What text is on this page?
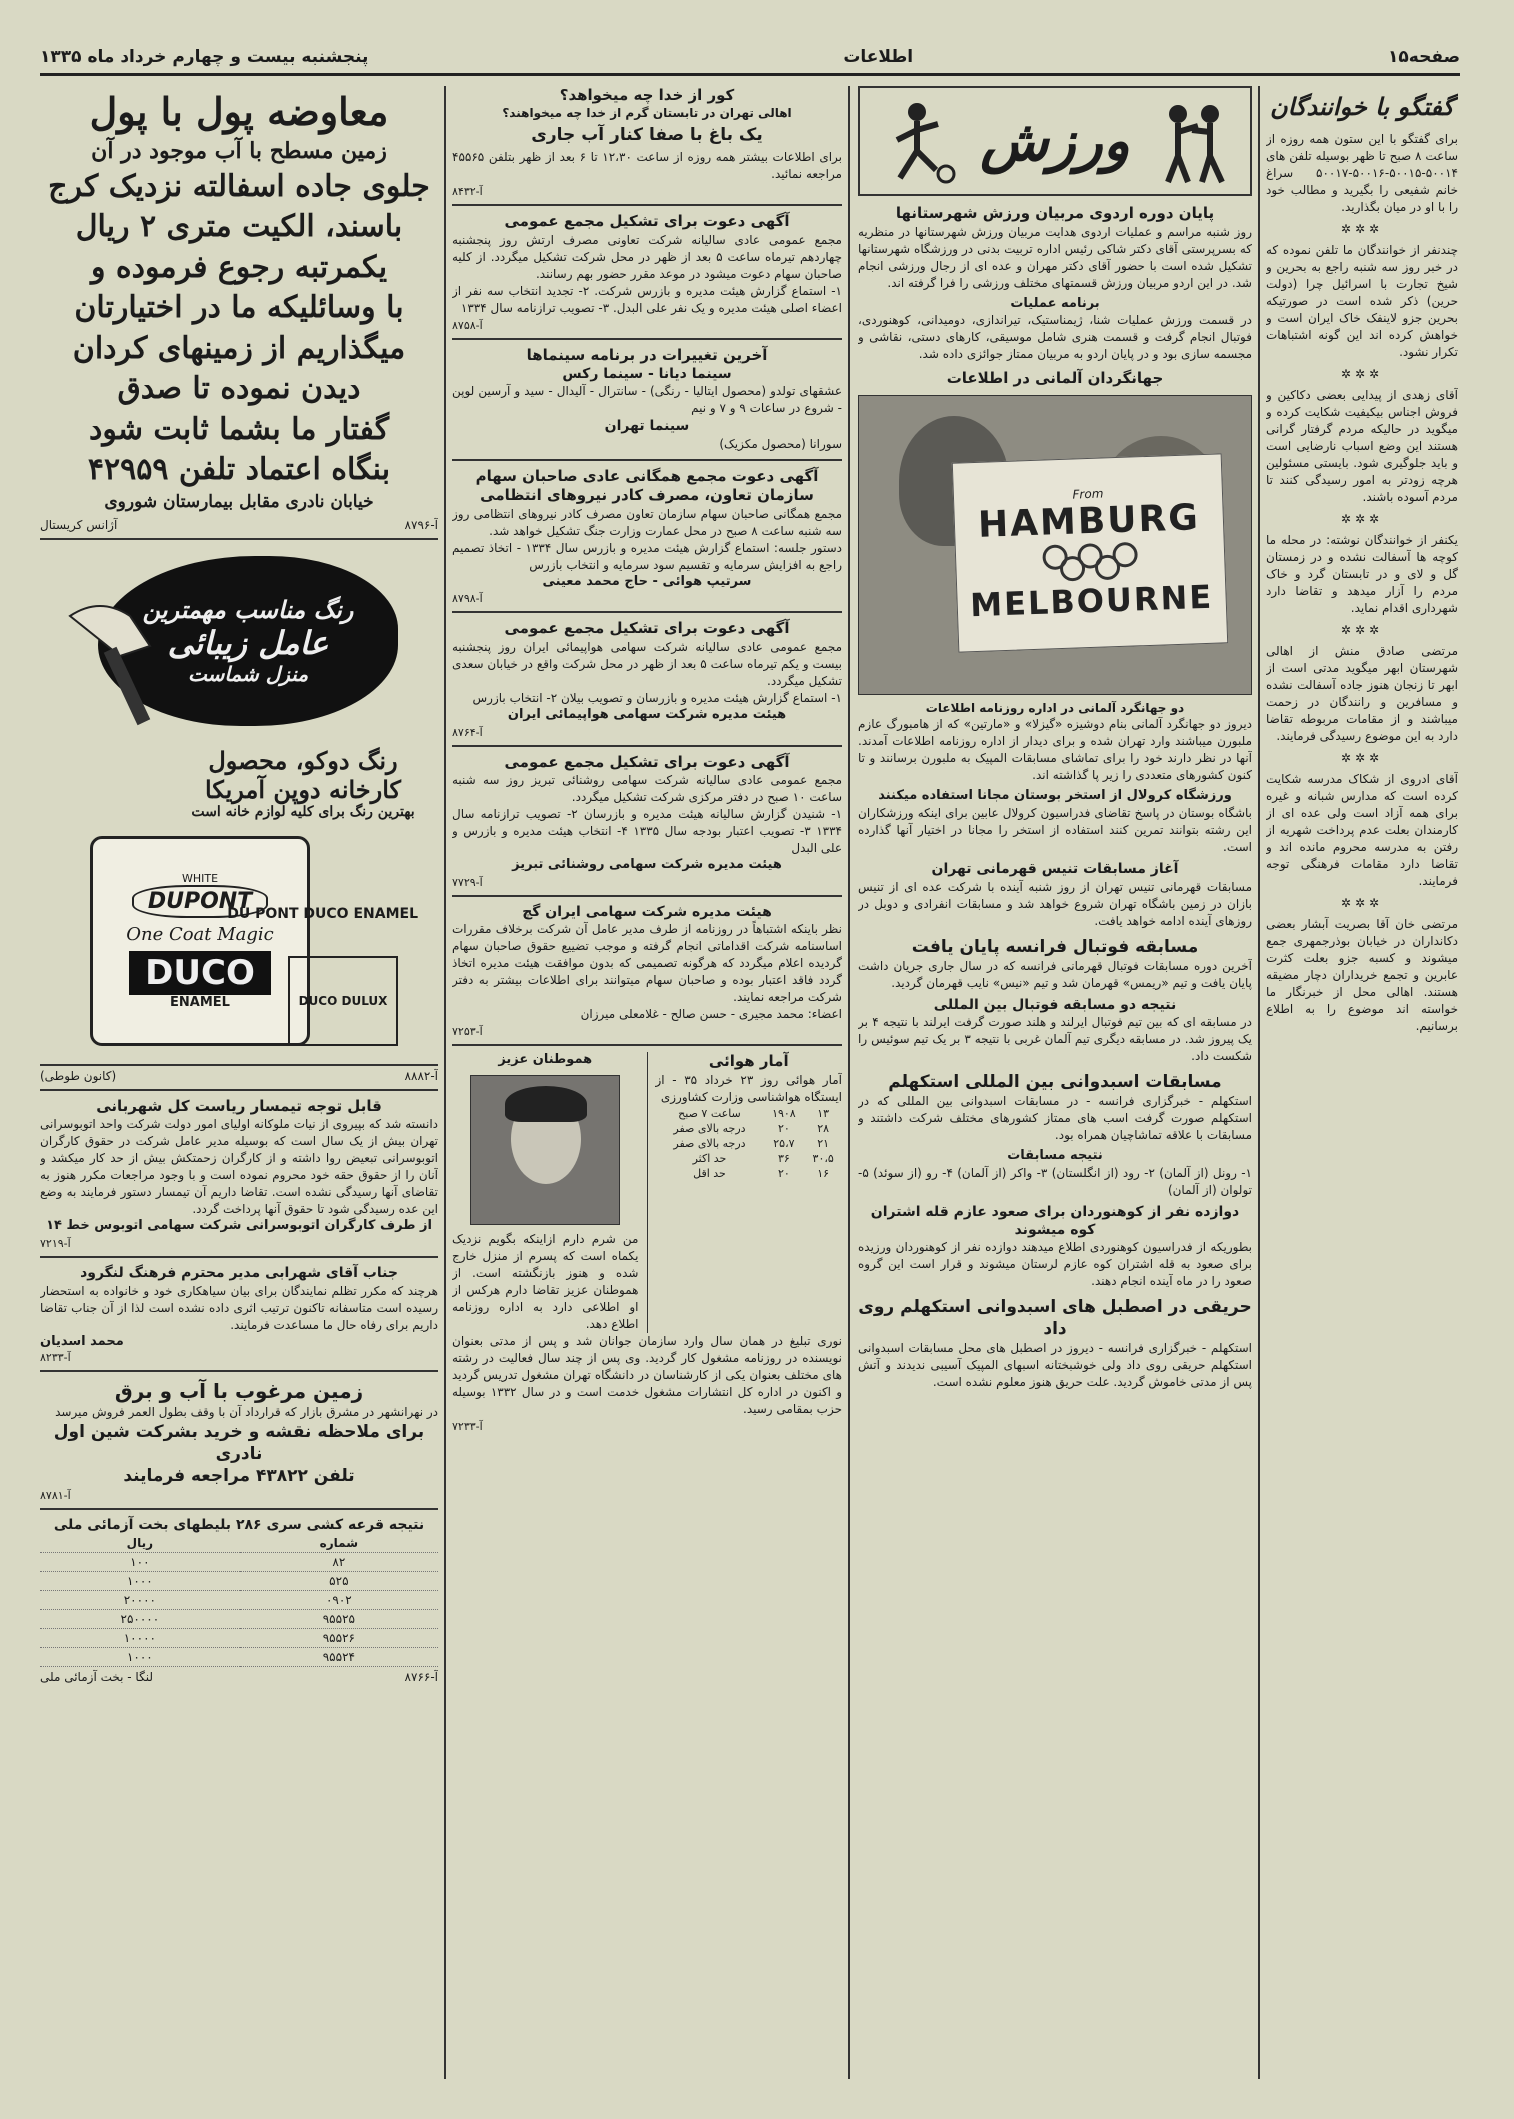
صفحه۱۵
اطلاعات
پنجشنبه بیست و چهارم خرداد ماه ۱۳۳۵
گفتگو با خوانندگان

برای گفتگو با این ستون همه روزه از ساعت ۸ صبح تا ظهر بوسیله تلفن های ۵۰۰۱۴-۵۰۰۱۵-۵۰۰۱۶-۵۰۰۱۷ سراغ خانم شفیعی را بگیرید و مطالب خود را با او در میان بگذارید.

✲✲✲

چندنفر از خوانندگان ما تلفن نموده که در خبر روز سه شنبه راجع به بحرین و شیخ تجارت با اسرائیل چرا (دولت حرین) ذکر شده است در صورتیکه بحرین جزو لاینفک خاک ایران است و خواهش کرده اند این گونه اشتباهات تکرار نشود.

✲✲✲

آقای زهدی از پیدایی بعضی دکاکین و فروش اجناس بیکیفیت شکایت کرده و میگوید در حالیکه مردم گرفتار گرانی هستند این وضع اسباب نارضایی است و باید جلوگیری شود. بایستی مسئولین هرچه زودتر به امور رسیدگی کنند تا مردم آسوده باشند.

✲✲✲

یکنفر از خوانندگان نوشته: در محله ما کوچه ها آسفالت نشده و در زمستان گل و لای و در تابستان گرد و خاک مردم را آزار میدهد و تقاضا دارد شهرداری اقدام نماید.

✲✲✲

مرتضی صادق منش از اهالی شهرستان ابهر میگوید مدتی است از ابهر تا زنجان هنوز جاده آسفالت نشده و مسافرین و رانندگان در زحمت میباشند و از مقامات مربوطه تقاضا دارد به این موضوع رسیدگی فرمایند.

✲✲✲

آقای ادروی از شکاک مدرسه شکایت کرده است که مدارس شبانه و غیره برای همه آزاد است ولی عده ای از کارمندان بعلت عدم پرداخت شهریه از رفتن به مدرسه محروم مانده اند و تقاضا دارد مقامات فرهنگی توجه فرمایند.

✲✲✲

مرتضی خان آقا بصریت آبشار بعضی دکانداران در خیابان بوذرجمهری جمع میشوند و کسبه جزو بعلت کثرت عابرین و تجمع خریداران دچار مضیقه هستند. اهالی محل از خبرنگار ما خواسته اند موضوع را به اطلاع برسانیم.

ورزش
پایان دوره اردوی مربیان ورزش شهرستانها

روز شنبه مراسم و عملیات اردوی هدایت مربیان ورزش شهرستانها در منظریه که بسرپرستی آقای دکتر شاکی رئیس اداره تربیت بدنی در ورزشگاه شهرستانها تشکیل شده است با حضور آقای دکتر مهران و عده ای از رجال ورزشی انجام شد. در این اردو مربیان ورزش قسمتهای مختلف ورزشی را فرا گرفته اند.

برنامه عملیات

در قسمت ورزش عملیات شنا، ژیمناستیک، تیراندازی، دومیدانی، کوهنوردی، فوتبال انجام گرفت و قسمت هنری شامل موسیقی، کارهای دستی، نقاشی و مجسمه سازی بود و در پایان اردو به مربیان ممتاز جوائزی داده شد.

جهانگردان آلمانی در اطلاعات
From
HAMBURG
MELBOURNE
دو جهانگرد آلمانی در اداره روزنامه اطلاعات

دیروز دو جهانگرد آلمانی بنام دوشیزه «گیزلا» و «مارتین» که از هامبورگ عازم ملبورن میباشند وارد تهران شده و برای دیدار از اداره روزنامه اطلاعات آمدند. آنها در نظر دارند خود را برای تماشای مسابقات المپیک به ملبورن برسانند و تا کنون کشورهای متعددی را زیر پا گذاشته اند.

ورزشگاه کرولال از استخر بوستان مجانا استفاده میکنند

باشگاه بوستان در پاسخ تقاضای فدراسیون کرولال عابین برای اینکه ورزشکاران این رشته بتوانند تمرین کنند استفاده از استخر را مجانا در اختیار آنها گذارده است.

آغاز مسابقات تنیس قهرمانی تهران

مسابقات قهرمانی تنیس تهران از روز شنبه آینده با شرکت عده ای از تنیس بازان در زمین باشگاه تهران شروع خواهد شد و مسابقات انفرادی و دوبل در روزهای آینده ادامه خواهد یافت.

مسابقه فوتبال فرانسه پایان یافت

آخرین دوره مسابقات فوتبال قهرمانی فرانسه که در سال جاری جریان داشت پایان یافت و تیم «ریمس» قهرمان شد و تیم «نیس» نایب قهرمان گردید.

نتیجه دو مسابقه فوتبال بین المللی

در مسابقه ای که بین تیم فوتبال ایرلند و هلند صورت گرفت ایرلند با نتیجه ۴ بر یک پیروز شد. در مسابقه دیگری تیم آلمان غربی با نتیجه ۳ بر یک تیم سوئیس را شکست داد.

مسابقات اسبدوانی بین المللی استکهلم

استکهلم - خبرگزاری فرانسه - در مسابقات اسبدوانی بین المللی که در استکهلم صورت گرفت اسب های ممتاز کشورهای مختلف شرکت داشتند و مسابقات با علاقه تماشاچیان همراه بود.

نتیجه مسابقات

۱- رونل (از آلمان) ۲- رود (از انگلستان) ۳- واکر (از آلمان) ۴- رو (از سوئد) ۵- تولوان (از آلمان)

دوازده نفر از کوهنوردان برای صعود عازم قله اشتران کوه میشوند

بطوریکه از فدراسیون کوهنوردی اطلاع میدهند دوازده نفر از کوهنوردان ورزیده برای صعود به قله اشتران کوه عازم لرستان میشوند و قرار است این گروه صعود را در ماه آینده انجام دهند.

حریقی در اصطبل های اسبدوانی استکهلم روی داد

استکهلم - خبرگزاری فرانسه - دیروز در اصطبل های محل مسابقات اسبدوانی استکهلم حریقی روی داد ولی خوشبختانه اسبهای المپیک آسیبی ندیدند و آتش پس از مدتی خاموش گردید. علت حریق هنوز معلوم نشده است.

کور از خدا چه میخواهد؟
اهالی تهران در تابستان گرم از خدا چه میخواهند؟
یک باغ با صفا کنار آب جاری

برای اطلاعات بیشتر همه روزه از ساعت ۱۲،۳۰ تا ۶ بعد از ظهر بتلفن ۴۵۵۶۵ مراجعه نمائید.

آ-۸۴۳۲
آگهی دعوت برای تشکیل مجمع عمومی

مجمع عمومی عادی سالیانه شرکت تعاونی مصرف ارتش روز پنجشنبه چهاردهم تیرماه ساعت ۵ بعد از ظهر در محل شرکت تشکیل میگردد. از کلیه صاحبان سهام دعوت میشود در موعد مقرر حضور بهم رسانند.

۱- استماع گزارش هیئت مدیره و بازرس شرکت. ۲- تجدید انتخاب سه نفر از اعضاء اصلی هیئت مدیره و یک نفر علی البدل. ۳- تصویب ترازنامه سال ۱۳۳۴

آ-۸۷۵۸
آخرین تغییرات در برنامه سینماها
سینما دیانا - سینما رکس

عشقهای تولدو (محصول ایتالیا - رنگی) - سانترال - آلیدال - سید و آرسین لوپن - شروع در ساعات ۹ و ۷ و نیم

سینما تهران

سورانا (محصول مکزیک)

آگهی دعوت مجمع همگانی عادی صاحبان سهام سازمان تعاون، مصرف کادر نیروهای انتظامی

مجمع همگانی صاحبان سهام سازمان تعاون مصرف کادر نیروهای انتظامی روز سه شنبه ساعت ۸ صبح در محل عمارت وزارت جنگ تشکیل خواهد شد.

دستور جلسه: استماع گزارش هیئت مدیره و بازرس سال ۱۳۳۴ - اتخاذ تصمیم راجع به افزایش سرمایه و تقسیم سود سرمایه و انتخاب بازرس

سرتیپ هوائی - حاج محمد معینی
آ-۸۷۹۸
آگهی دعوت برای تشکیل مجمع عمومی

مجمع عمومی عادی سالیانه شرکت سهامی هواپیمائی ایران روز پنجشنبه بیست و یکم تیرماه ساعت ۵ بعد از ظهر در محل شرکت واقع در خیابان سعدی تشکیل میگردد.

۱- استماع گزارش هیئت مدیره و بازرسان و تصویب بیلان ۲- انتخاب بازرس

هیئت مدیره شرکت سهامی هواپیمائی ایران
آ-۸۷۶۴
آگهی دعوت برای تشکیل مجمع عمومی

مجمع عمومی عادی سالیانه شرکت سهامی روشنائی تبریز روز سه شنبه ساعت ۱۰ صبح در دفتر مرکزی شرکت تشکیل میگردد.

۱- شنیدن گزارش سالیانه هیئت مدیره و بازرسان ۲- تصویب ترازنامه سال ۱۳۳۴ ۳- تصویب اعتبار بودجه سال ۱۳۳۵ ۴- انتخاب هیئت مدیره و بازرس و علی البدل

هیئت مدیره شرکت سهامی روشنائی تبریز
آ-۷۷۲۹
هیئت مدیره شرکت سهامی ایران گچ

نظر باینکه اشتباهاً در روزنامه از طرف مدیر عامل آن شرکت برخلاف مقررات اساسنامه شرکت اقداماتی انجام گرفته و موجب تضییع حقوق صاحبان سهام گردیده اعلام میگردد که هرگونه تصمیمی که بدون موافقت هیئت مدیره اتخاذ گردد فاقد اعتبار بوده و صاحبان سهام میتوانند برای اطلاعات بیشتر به دفتر شرکت مراجعه نمایند.

اعضاء: محمد مجیری - حسن صالح - غلامعلی میرزان

آ-۷۲۵۳
آمار هوائی

آمار هوائی روز ۲۳ خرداد ۳۵ - از ایستگاه هواشناسی وزارت کشاورزی

۱۳	۱۹۰۸	ساعت ۷ صبح
۲۸	۲۰	درجه بالای صفر
۲۱	۲۵،۷	درجه بالای صفر
۳۰،۵	۳۶	حد اکثر
۱۶	۲۰	حد اقل
هموطنان عزیز

من شرم دارم ازاینکه بگویم نزدیک یکماه است که پسرم از منزل خارج شده و هنوز بازنگشته است. از هموطنان عزیز تقاضا دارم هرکس از او اطلاعی دارد به اداره روزنامه اطلاع دهد.

نوری تبلیغ در همان سال وارد سازمان جوانان شد و پس از مدتی بعنوان نویسنده در روزنامه مشغول کار گردید. وی پس از چند سال فعالیت در رشته های مختلف بعنوان یکی از کارشناسان در دانشگاه تهران مشغول تدریس گردید و اکنون در اداره کل انتشارات مشغول خدمت است و در سال ۱۳۳۲ بوسیله حزب بمقامی رسید.

آ-۷۲۳۳
معاوضه پول با پول
زمین مسطح با آب موجود در آن
جلوی جاده اسفالته نزدیک کرج
باسند، الکیت متری ۲ ریال
یکمرتبه رجوع فرموده و
با وسائلیکه ما در اختیارتان
میگذاریم از زمینهای کردان
دیدن نموده تا صدق
گفتار ما بشما ثابت شود
بنگاه اعتماد تلفن ۴۲۹۵۹
خیابان نادری مقابل بیمارستان شوروی
آ-۸۷۹۶
آژانس کریستال
رنگ مناسب مهمترین
عامل زیبائی
منزل شماست
رنگ دوکو، محصول
کارخانه دوپن آمریکا
بهترین رنگ برای کلیه لوازم خانه است
WHITE
DUPONT
One Coat Magic
DUCO
ENAMEL
DU PONT DUCO ENAMEL
DUCO DULUX
آ-۸۸۸۲
(کانون طوطی)
قابل توجه تیمسار ریاست کل شهربانی

دانسته شد که بپیروی از نیات ملوکانه اولیای امور دولت شرکت واحد اتوبوسرانی تهران بیش از یک سال است که بوسیله مدیر عامل شرکت در حقوق کارگران اتوبوسرانی تبعیض روا داشته و از کارگران زحمتکش بیش از حد کار میکشد و آنان را از حقوق حقه خود محروم نموده است و با وجود مراجعات مکرر هنوز به تقاضای آنها رسیدگی نشده است. تقاضا داریم آن تیمسار دستور فرمایند به وضع این عده رسیدگی شود تا حقوق آنها پرداخت گردد.

از طرف کارگران اتوبوسرانی شرکت سهامی اتوبوس خط ۱۴
آ-۷۲۱۹
جناب آقای شهرابی مدیر محترم فرهنگ لنگرود

هرچند که مکرر تظلم نمایندگان برای بیان سیاهکاری خود و خانواده به استحضار رسیده است متاسفانه تاکنون ترتیب اثری داده نشده است لذا از آن جناب تقاضا داریم برای رفاه حال ما مساعدت فرمایند.

محمد اسدیان
آ-۸۲۳۳
زمین مرغوب با آب و برق

در نهرانشهر در مشرق بازار که قرارداد آن با وقف بطول العمر فروش میرسد

برای ملاحظه نقشه و خرید بشرکت شین اول نادری
تلفن ۴۳۸۲۲ مراجعه فرمایند
آ-۸۷۸۱
نتیجه قرعه کشی سری ۲۸۶ بلیطهای بخت آزمائی ملی
شماره	ریال
۸۲	۱۰۰
۵۲۵	۱۰۰۰
۰۹۰۲	۲۰۰۰۰
۹۵۵۲۵	۲۵۰۰۰۰
۹۵۵۲۶	۱۰۰۰۰
۹۵۵۲۴	۱۰۰۰
آ-۸۷۶۶
لنگا - بخت آزمائی ملی
